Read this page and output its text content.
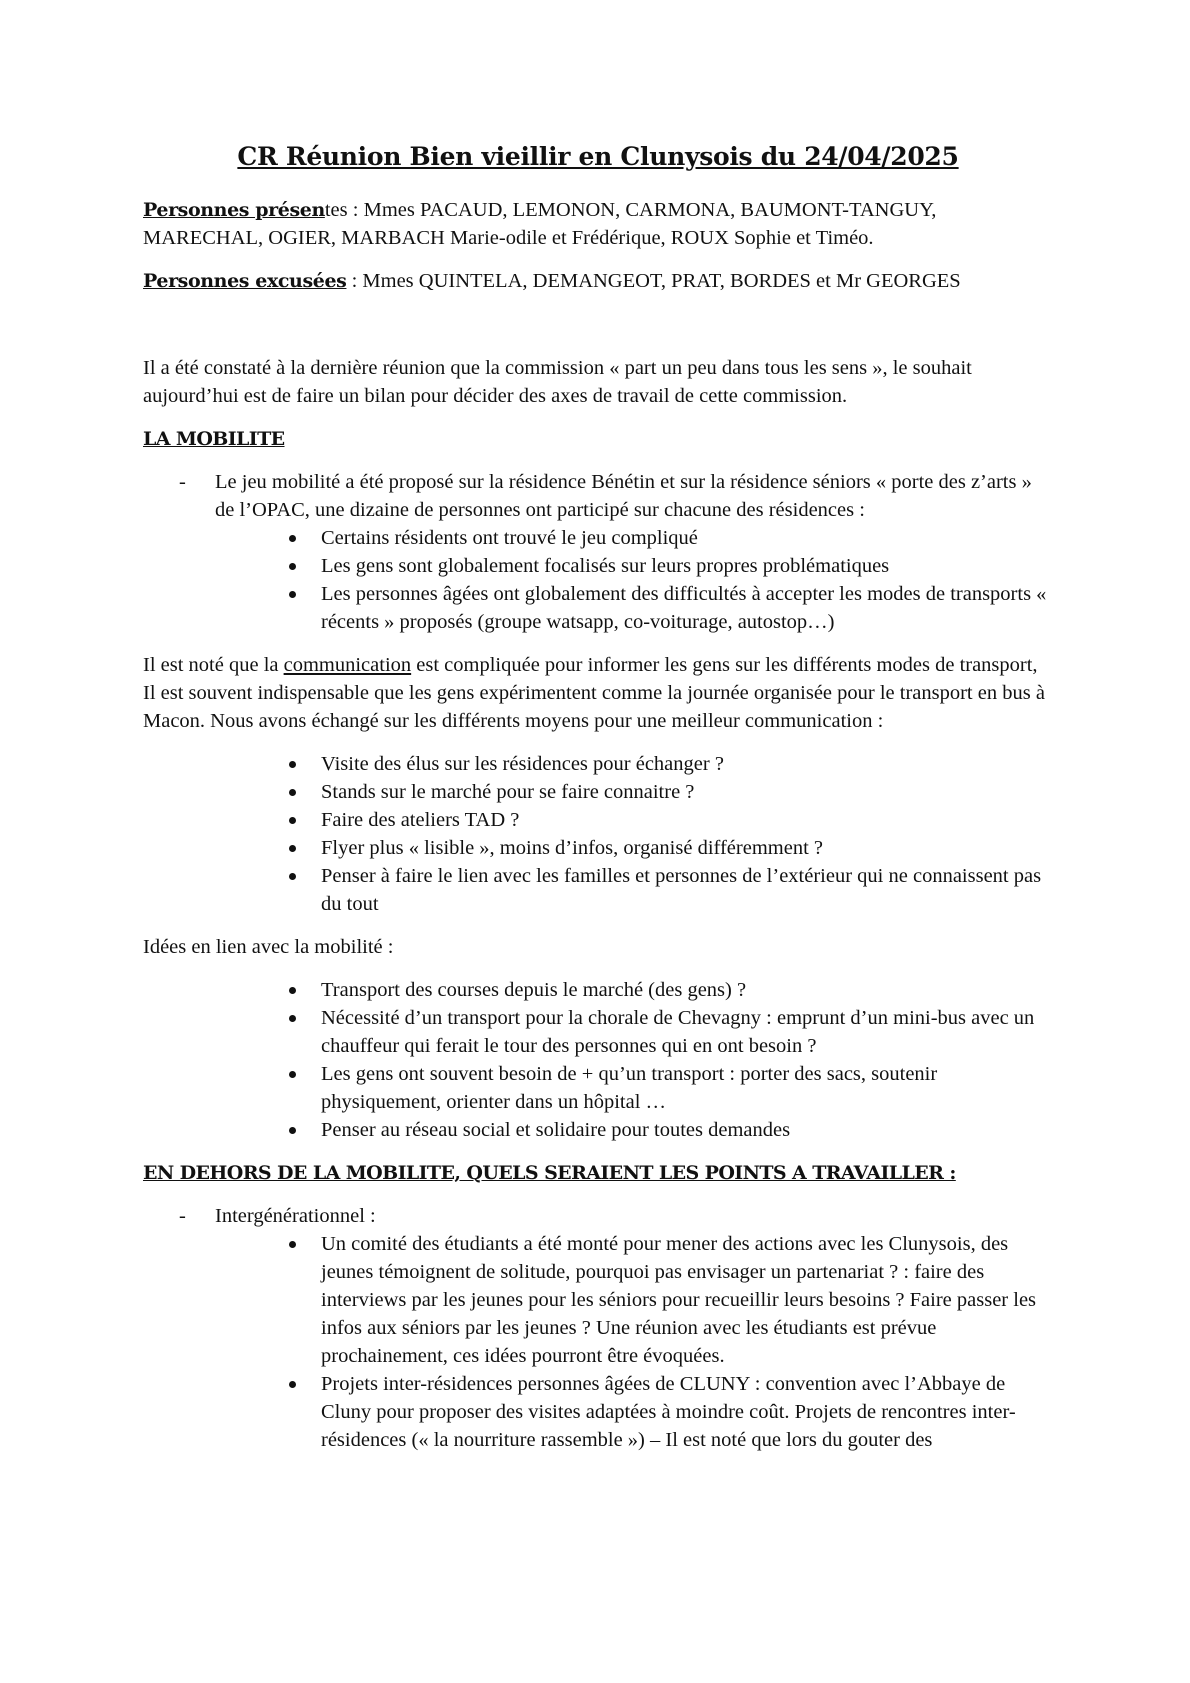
CR Réunion Bien vieillir en Clunysois du 24/04/2025

Personnes présentes : Mmes PACAUD, LEMONON, CARMONA, BAUMONT-TANGUY, MARECHAL, OGIER, MARBACH Marie-odile et Frédérique, ROUX Sophie et Timéo.

Personnes excusées : Mmes QUINTELA, DEMANGEOT, PRAT, BORDES et Mr GEORGES

Il a été constaté à la dernière réunion que la commission « part un peu dans tous les sens », le souhait aujourd’hui est de faire un bilan pour décider des axes de travail de cette commission.

LA MOBILITE
- Le jeu mobilité a été proposé sur la résidence Bénétin et sur la résidence séniors « porte des z’arts » de l’OPAC, une dizaine de personnes ont participé sur chacune des résidences :
Certains résidents ont trouvé le jeu compliqué
Les gens sont globalement focalisés sur leurs propres problématiques
Les personnes âgées ont globalement des difficultés à accepter les modes de transports « récents » proposés (groupe watsapp, co-voiturage, autostop…)

Il est noté que la communication est compliquée pour informer les gens sur les différents modes de transport, Il est souvent indispensable que les gens expérimentent comme la journée organisée pour le transport en bus à Macon. Nous avons échangé sur les différents moyens pour une meilleur communication :

Visite des élus sur les résidences pour échanger ?
Stands sur le marché pour se faire connaitre ?
Faire des ateliers TAD ?
Flyer plus « lisible », moins d’infos, organisé différemment ?
Penser à faire le lien avec les familles et personnes de l’extérieur qui ne connaissent pas du tout

Idées en lien avec la mobilité :

Transport des courses depuis le marché (des gens) ?
Nécessité d’un transport pour la chorale de Chevagny : emprunt d’un mini-bus avec un chauffeur qui ferait le tour des personnes qui en ont besoin ?
Les gens ont souvent besoin de + qu’un transport : porter des sacs, soutenir physiquement, orienter dans un hôpital …
Penser au réseau social et solidaire pour toutes demandes
EN DEHORS DE LA MOBILITE, QUELS SERAIENT LES POINTS A TRAVAILLER :
- Intergénérationnel :
Un comité des étudiants a été monté pour mener des actions avec les Clunysois, des jeunes témoignent de solitude, pourquoi pas envisager un partenariat ? : faire des interviews par les jeunes pour les séniors pour recueillir leurs besoins ? Faire passer les infos aux séniors par les jeunes ? Une réunion avec les étudiants est prévue prochainement, ces idées pourront être évoquées.
Projets inter-résidences personnes âgées de CLUNY : convention avec l’Abbaye de Cluny pour proposer des visites adaptées à moindre coût. Projets de rencontres inter-résidences (« la nourriture rassemble ») – Il est noté que lors du gouter des
